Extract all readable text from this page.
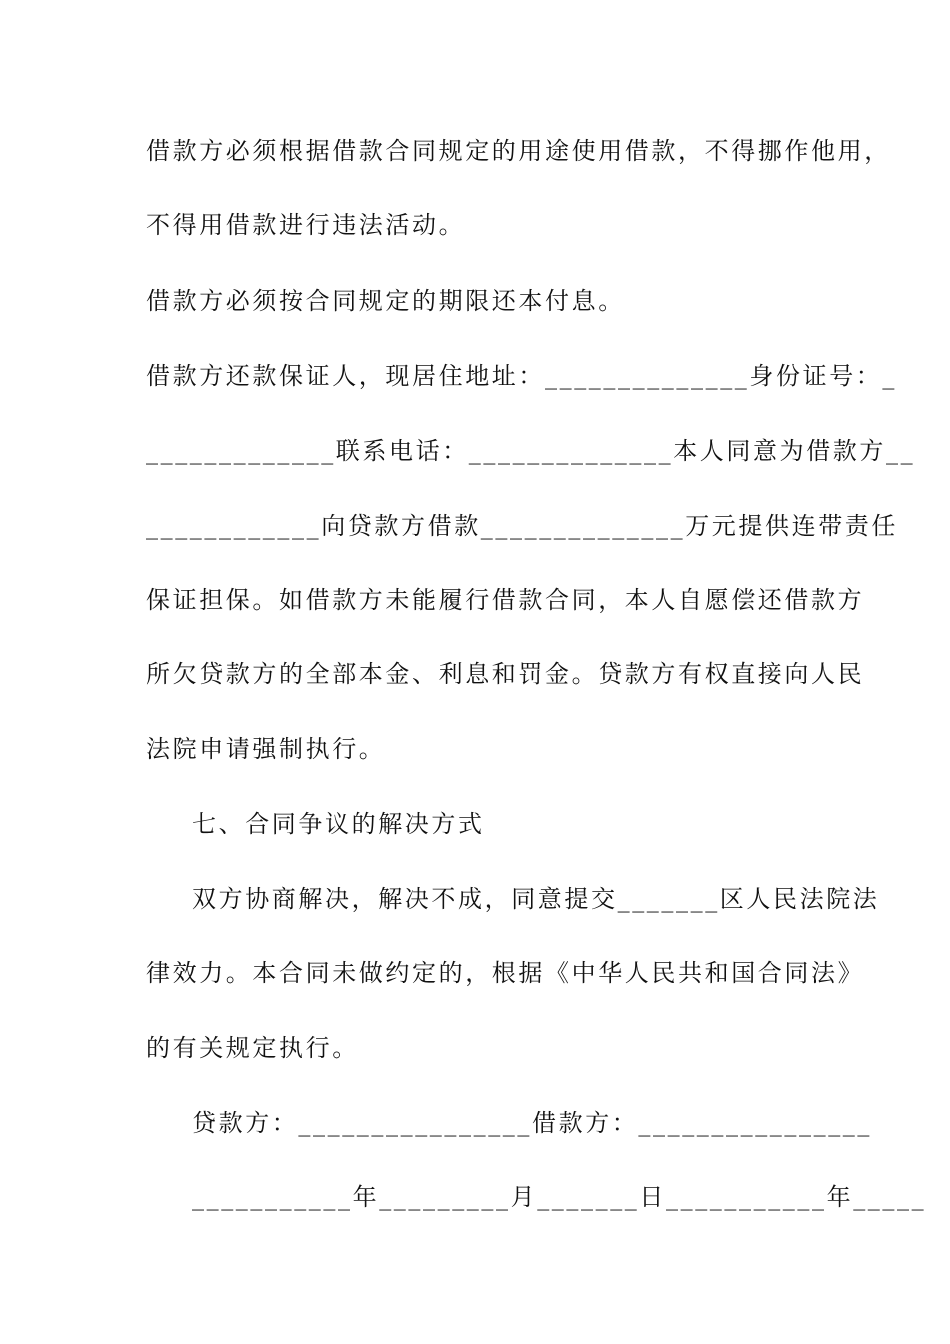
借款方必须根据借款合同规定的用途使用借款，不得挪作他用，
不得用借款进行违法活动。
借款方必须按合同规定的期限还本付息。
借款方还款保证人，现居住地址：______________身份证号：_
_____________联系电话：______________本人同意为借款方__
____________向贷款方借款______________万元提供连带责任
保证担保。如借款方未能履行借款合同，本人自愿偿还借款方
所欠贷款方的全部本金、利息和罚金。贷款方有权直接向人民
法院申请强制执行。
七、合同争议的解决方式
双方协商解决，解决不成，同意提交_______区人民法院法
律效力。本合同未做约定的，根据《中华人民共和国合同法》
的有关规定执行。
贷款方：________________借款方：________________
___________年_________月_______日___________年_____
